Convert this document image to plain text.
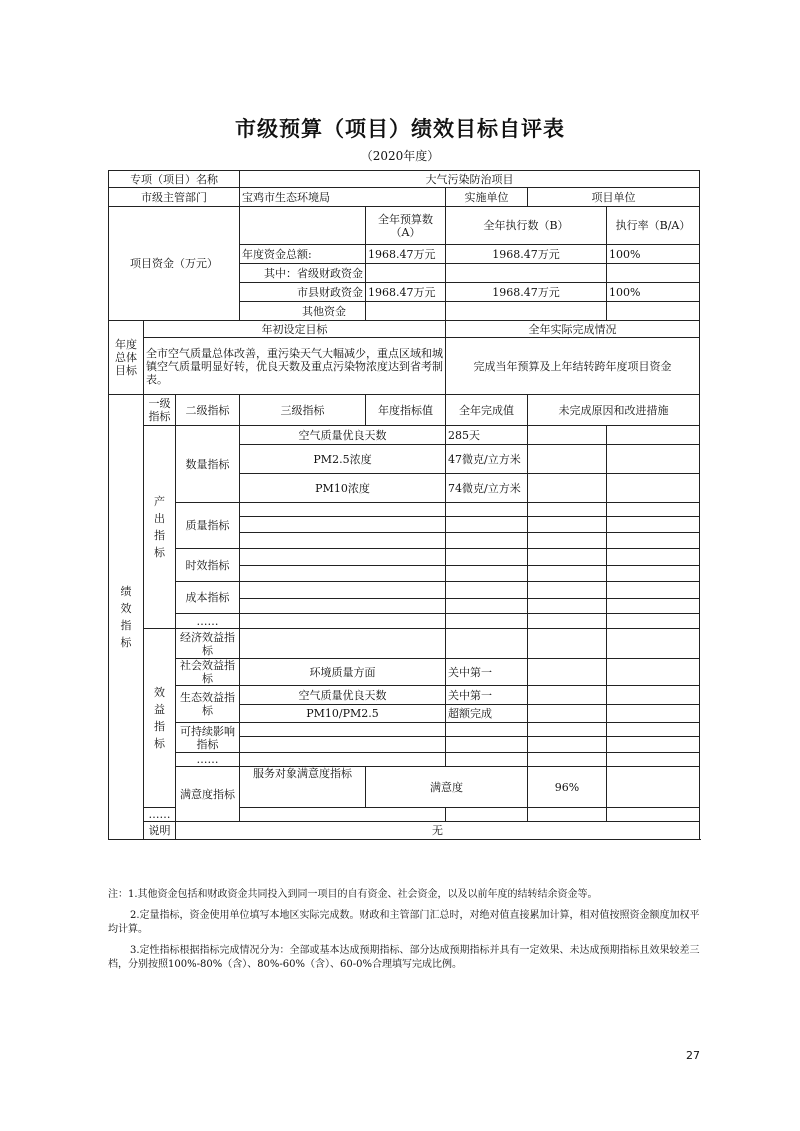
市级预算（项目）绩效目标自评表
（2020年度）
专项（项目）名称			大气污染防治项目					
市级主管部门			宝鸡市生态环境局		实施单位	项目单位		
项目资金（万元）				全年预算数（A）	全年执行数（B）		执行率（B/A）	
			年度资金总额:	1968.47万元	1968.47万元		100%	
			其中：省级财政资金					
			市县财政资金	1968.47万元	1968.47万元		100%	
			其他资金					
年度总体目标	年初设定目标				全年实际完成情况			
	全市空气质量总体改善，重污染天气大幅减少，重点区域和城镇空气质量明显好转，优良天数及重点污染物浓度达到省考制表。				完成当年预算及上年结转跨年度项目资金			
绩效指标	一级指标	二级指标	三级指标	年度指标值	全年完成值	未完成原因和改进措施		
	产出指标	数量指标	空气质量优良天数		285天			
			PM2.5浓度		47微克/立方米			
			PM10浓度		74微克/立方米			
		质量指标						

		时效指标						

		成本指标						

		……						
	效益指标	经济效益指标						
		社会效益指标	环境质量方面		关中第一			
		生态效益指标	空气质量优良天数		关中第一			
			PM10/PM2.5		超额完成			
		可持续影响指标						

		……						
		满意度指标	服务对象满意度指标	满意度		96%		
	……							
	说明	无						
注：1.其他资金包括和财政资金共同投入到同一项目的自有资金、社会资金，以及以前年度的结转结余资金等。
2.定量指标，资金使用单位填写本地区实际完成数。财政和主管部门汇总时，对绝对值直接累加计算，相对值按照资金额度加权平均计算。
3.定性指标根据指标完成情况分为：全部或基本达成预期指标、部分达成预期指标并具有一定效果、未达成预期指标且效果较差三档，分别按照100%-80%（含）、80%-60%（含）、60-0%合理填写完成比例。
27
